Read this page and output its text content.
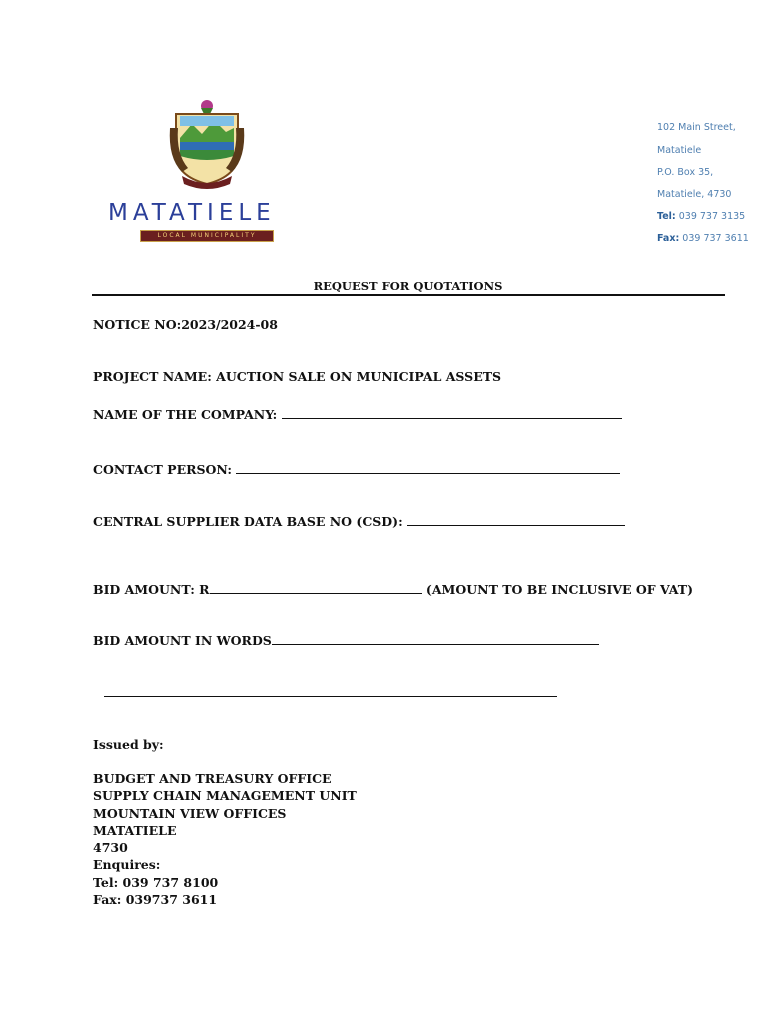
MATATIELE
LOCAL MUNICIPALITY
102 Main Street,
Matatiele
P.O. Box 35,
Matatiele, 4730
Tel: 039 737 3135
Fax: 039 737 3611
REQUEST FOR QUOTATIONS
NOTICE NO:2023/2024-08
PROJECT NAME: AUCTION SALE ON MUNICIPAL ASSETS
NAME OF THE COMPANY:
CONTACT PERSON:
CENTRAL SUPPLIER DATA BASE NO (CSD):
BID AMOUNT: R	(AMOUNT TO BE INCLUSIVE OF VAT)
BID AMOUNT IN WORDS
Issued by:
BUDGET AND TREASURY OFFICE
SUPPLY CHAIN MANAGEMENT UNIT
MOUNTAIN VIEW OFFICES
MATATIELE
4730
Enquires:
Tel: 039 737 8100
Fax: 039737 3611
